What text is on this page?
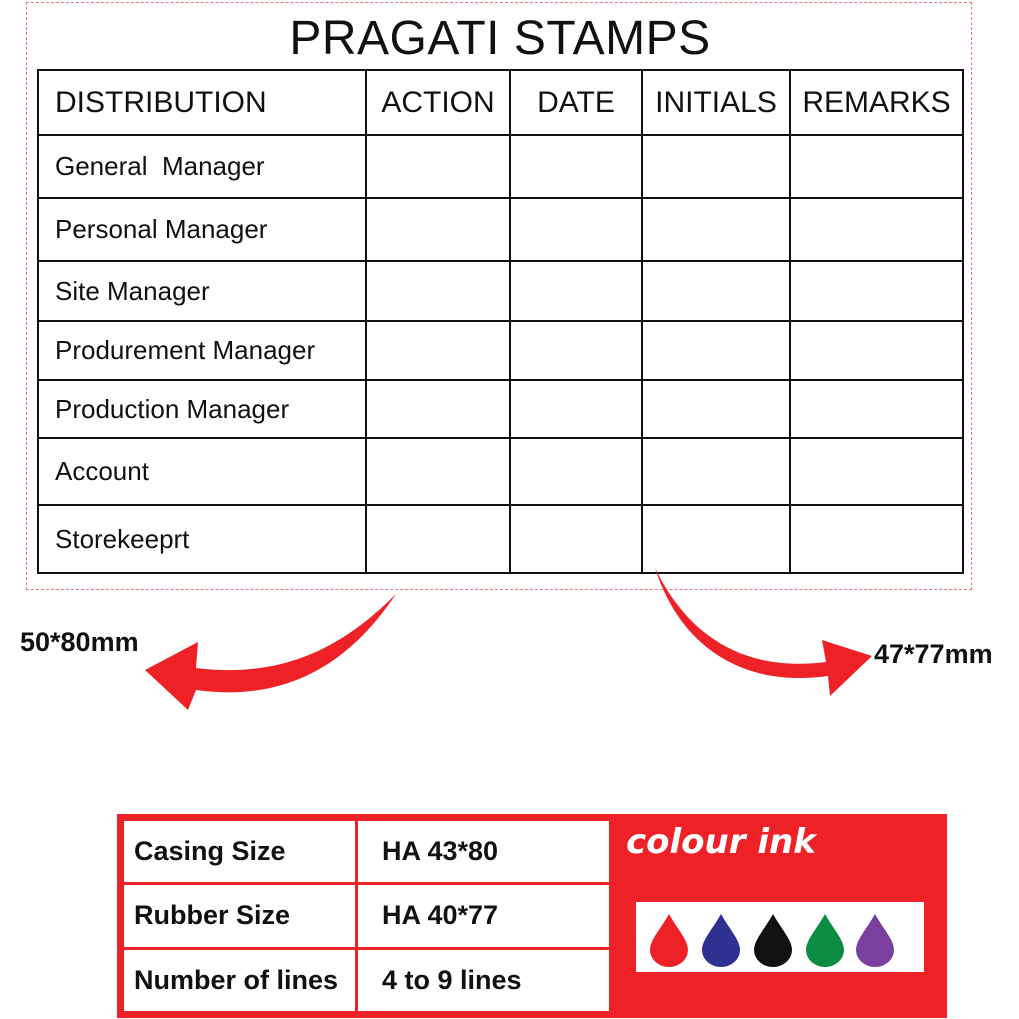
PRAGATI STAMPS
DISTRIBUTION	ACTION	DATE	INITIALS	REMARKS
General  Manager				
Personal Manager				
Site Manager				
Produrement Manager				
Production Manager				
Account				
Storekeeprt				
50*80mm	47*77mm
Casing Size	HA 43*80
Rubber Size	HA 40*77
Number of lines	4 to 9 lines
colour ink
